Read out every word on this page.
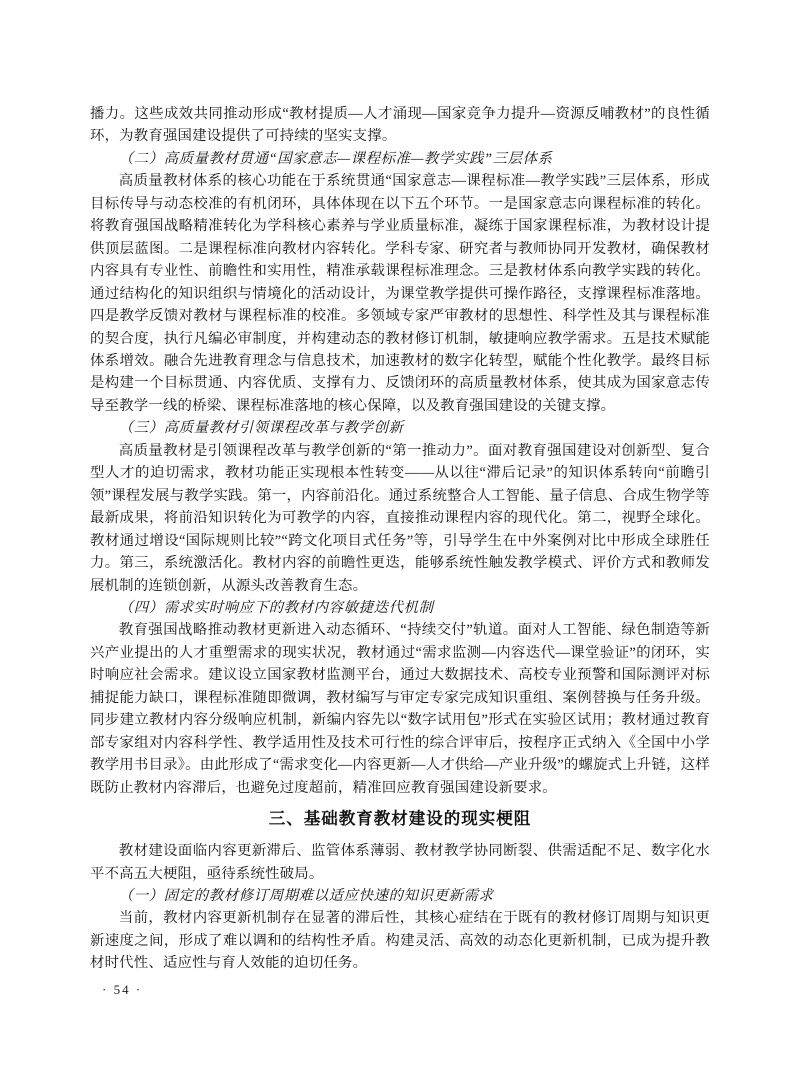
播力。这些成效共同推动形成“教材提质—人才涌现—国家竞争力提升—资源反哺教材”的良性循环，为教育强国建设提供了可持续的坚实支撑。

（二）高质量教材贯通“国家意志—课程标准—教学实践”三层体系

高质量教材体系的核心功能在于系统贯通“国家意志—课程标准—教学实践”三层体系，形成目标传导与动态校准的有机闭环，具体体现在以下五个环节。一是国家意志向课程标准的转化。将教育强国战略精准转化为学科核心素养与学业质量标准，凝练于国家课程标准，为教材设计提供顶层蓝图。二是课程标准向教材内容转化。学科专家、研究者与教师协同开发教材，确保教材内容具有专业性、前瞻性和实用性，精准承载课程标准理念。三是教材体系向教学实践的转化。通过结构化的知识组织与情境化的活动设计，为课堂教学提供可操作路径，支撑课程标准落地。四是教学反馈对教材与课程标准的校准。多领域专家严审教材的思想性、科学性及其与课程标准的契合度，执行凡编必审制度，并构建动态的教材修订机制，敏捷响应教学需求。五是技术赋能体系增效。融合先进教育理念与信息技术，加速教材的数字化转型，赋能个性化教学。最终目标是构建一个目标贯通、内容优质、支撑有力、反馈闭环的高质量教材体系，使其成为国家意志传导至教学一线的桥梁、课程标准落地的核心保障，以及教育强国建设的关键支撑。

（三）高质量教材引领课程改革与教学创新

高质量教材是引领课程改革与教学创新的“第一推动力”。面对教育强国建设对创新型、复合型人才的迫切需求，教材功能正实现根本性转变——从以往“滞后记录”的知识体系转向“前瞻引领”课程发展与教学实践。第一，内容前沿化。通过系统整合人工智能、量子信息、合成生物学等最新成果，将前沿知识转化为可教学的内容，直接推动课程内容的现代化。第二，视野全球化。教材通过增设“国际规则比较”“跨文化项目式任务”等，引导学生在中外案例对比中形成全球胜任力。第三，系统激活化。教材内容的前瞻性更迭，能够系统性触发教学模式、评价方式和教师发展机制的连锁创新，从源头改善教育生态。

（四）需求实时响应下的教材内容敏捷迭代机制

教育强国战略推动教材更新进入动态循环、“持续交付”轨道。面对人工智能、绿色制造等新兴产业提出的人才重塑需求的现实状况，教材通过“需求监测—内容迭代—课堂验证”的闭环，实时响应社会需求。建议设立国家教材监测平台，通过大数据技术、高校专业预警和国际测评对标捕捉能力缺口，课程标准随即微调，教材编写与审定专家完成知识重组、案例替换与任务升级。同步建立教材内容分级响应机制，新编内容先以“数字试用包”形式在实验区试用；教材通过教育部专家组对内容科学性、教学适用性及技术可行性的综合评审后，按程序正式纳入《全国中小学教学用书目录》。由此形成了“需求变化—内容更新—人才供给—产业升级”的螺旋式上升链，这样既防止教材内容滞后，也避免过度超前，精准回应教育强国建设新要求。

三、基础教育教材建设的现实梗阻

教材建设面临内容更新滞后、监管体系薄弱、教材教学协同断裂、供需适配不足、数字化水平不高五大梗阻，亟待系统性破局。

（一）固定的教材修订周期难以适应快速的知识更新需求

当前，教材内容更新机制存在显著的滞后性，其核心症结在于既有的教材修订周期与知识更新速度之间，形成了难以调和的结构性矛盾。构建灵活、高效的动态化更新机制，已成为提升教材时代性、适应性与育人效能的迫切任务。

· 54 ·
